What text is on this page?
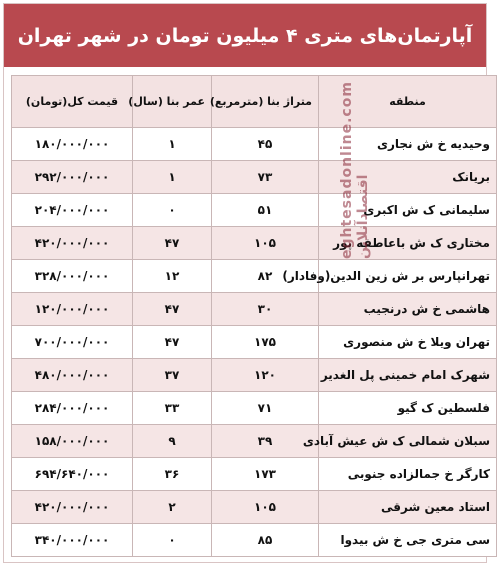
آپارتمان‌های متری ۴ میلیون تومان در شهر تهران
منطقه	متراژ بنا (مترمربع)	عمر بنا (سال)	قیمت کل(تومان)
وحیدیه خ ش نجاری	۴۵	۱	۱۸۰/۰۰۰/۰۰۰
بریانک	۷۳	۱	۲۹۲/۰۰۰/۰۰۰
سلیمانی ک ش اکبری	۵۱	۰	۲۰۴/۰۰۰/۰۰۰
مختاری ک ش باعاطفه پور	۱۰۵	۴۷	۴۲۰/۰۰۰/۰۰۰
تهرانپارس بر ش زین الدین(وفادار)	۸۲	۱۲	۳۲۸/۰۰۰/۰۰۰
هاشمی خ ش درنجیب	۳۰	۴۷	۱۲۰/۰۰۰/۰۰۰
تهران ویلا خ ش منصوری	۱۷۵	۴۷	۷۰۰/۰۰۰/۰۰۰
شهرک امام خمینی پل الغدیر	۱۲۰	۳۷	۴۸۰/۰۰۰/۰۰۰
فلسطین ک گیو	۷۱	۳۳	۲۸۴/۰۰۰/۰۰۰
سبلان شمالی ک ش عیش آبادی	۳۹	۹	۱۵۸/۰۰۰/۰۰۰
کارگر خ جمالزاده جنوبی	۱۷۳	۳۶	۶۹۴/۶۴۰/۰۰۰
استاد معین شرقی	۱۰۵	۲	۴۲۰/۰۰۰/۰۰۰
سی متری جی خ ش بیدوا	۸۵	۰	۳۴۰/۰۰۰/۰۰۰
eghtesadonline.com اقتصادآنلاین
